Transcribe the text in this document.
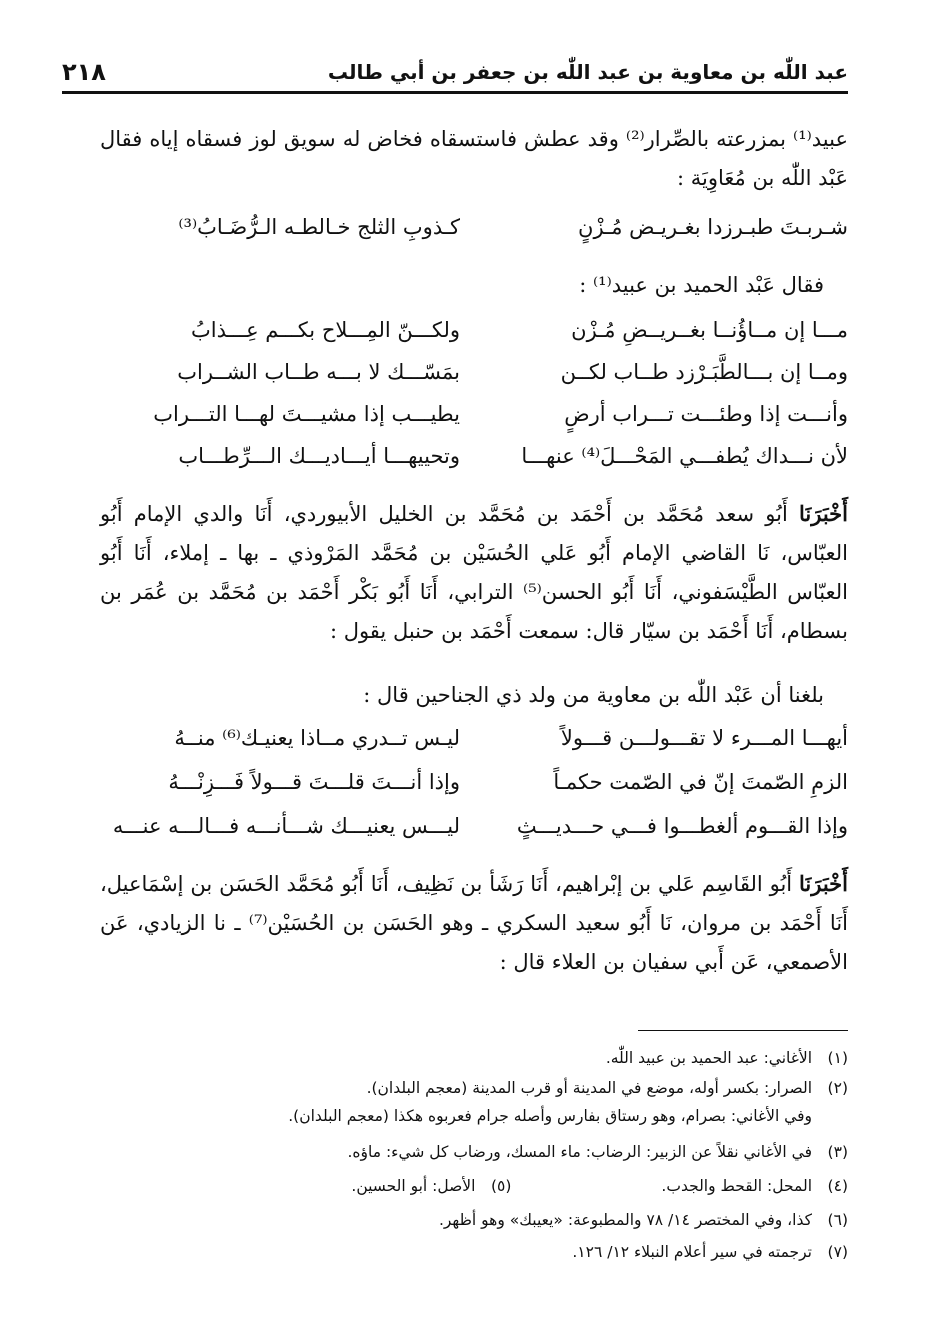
٢١٨	عبد اللّٰه بن معاوية بن عبد اللّٰه بن جعفر بن أبي طالب
عبيد⁽¹⁾ بمزرعته بالصِّرار⁽²⁾ وقد عطش فاستسقاه فخاض له سويق لوز فسقاه إياه فقال عَبْد اللّٰه بن مُعَاوِيَة :
شـربـتَ طبـرزدا بغـريـض مُـزْنٍ
كـذوبِ الثلج خـالطـه الـرُّضَـابُ⁽³⁾
فقال عَبْد الحميد بن عبيد⁽¹⁾ :
مـــا إن مــاؤُنــا بغــريــضِ مُـزْن
ولكـــنّ المِـــلاح بكـــم عِـــذابُ
ومــا إن بـــالطَّبَـرْزد طــاب لكــن
بمَسّـــك لا بـــه طــاب الشــراب
وأنـــت إذا وطئـــت تـــراب أرضٍ
يطيـــب إذا مشيـــتَ لهـــا التـــراب
لأن نـــداك يُطفـــي المَحْـــلَ⁽⁴⁾ عنهـــا
وتحييهـــا أيـــاديـــك الـــرِّطـــاب
أَخْبَرَنَا أَبُو سعد مُحَمَّد بن أَحْمَد بن مُحَمَّد بن الخليل الأبيوردي، أَنَا والدي الإمام أَبُو العبّاس، نَا القاضي الإمام أَبُو عَلي الحُسَيْن بن مُحَمَّد المَرْوذي ـ بها ـ إملاء، أَنَا أَبُو العبّاس الطَّيْسَفوني، أَنَا أَبُو الحسن⁽⁵⁾ الترابي، أَنَا أَبُو بَكْر أَحْمَد بن مُحَمَّد بن عُمَر بن بسطام، أَنَا أَحْمَد بن سيّار قال: سمعت أَحْمَد بن حنبل يقول :
بلغنا أن عَبْد اللّٰه بن معاوية من ولد ذي الجناحين قال :
أيهـــا المـــرء لا تقـــولـــن قـــولاً
ليـس تــدري مــاذا يعنيـك⁽⁶⁾ منــهُ
الزمِ الصّمتَ إنّ في الصّمت حكمـاً
وإذا أنـــتَ قلـــتَ قـــولاً فَـــزِنْـــهُ
وإذا القـــوم ألغطـــوا فـــي حـــديـــثٍ
ليـــس يعنيـــك شـــأنـــه فـــالـــه عنـــه
أَخْبَرَنَا أَبُو القَاسِم عَلي بن إبْراهيم، أَنَا رَشَأ بن نَظِيف، أَنَا أَبُو مُحَمَّد الحَسَن بن إسْمَاعيل، أَنَا أَحْمَد بن مروان، نَا أَبُو سعيد السكري ـ وهو الحَسَن بن الحُسَيْن⁽⁷⁾ ـ نا الزيادي، عَن الأصمعي، عَن أَبي سفيان بن العلاء قال :
(١)الأغاني: عبد الحميد بن عبيد اللّٰه.
(٢)الصرار: بكسر أوله، موضع في المدينة أو قرب المدينة (معجم البلدان).
وفي الأغاني: بصرام، وهو رستاق بفارس وأصله جرام فعربوه هكذا (معجم البلدان).
(٣)في الأغاني نقلاً عن الزبير: الرضاب: ماء المسك، ورضاب كل شيء: ماؤه.
(٤)المحل: القحط والجدب.(٥)الأصل: أبو الحسين.
(٦)كذا، وفي المختصر ١٤/ ٧٨ والمطبوعة: «يعيبك» وهو أظهر.
(٧)ترجمته في سير أعلام النبلاء ١٢/ ١٢٦.
